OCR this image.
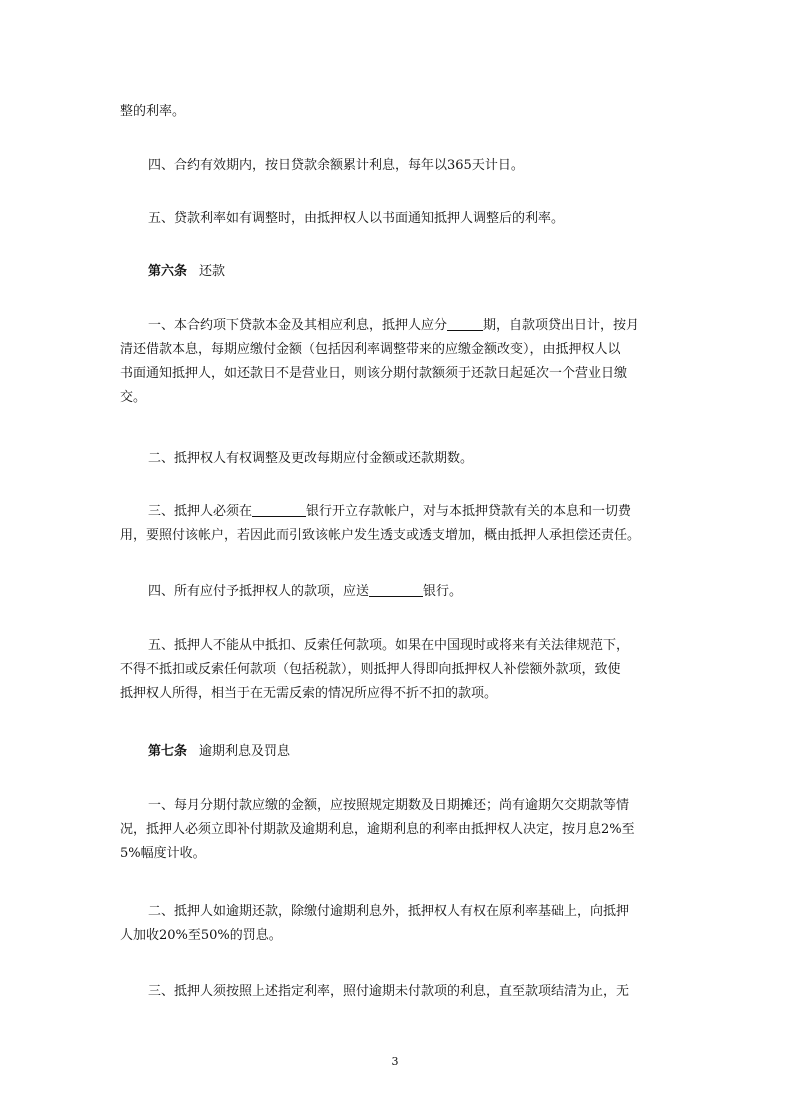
整的利率。

四、合约有效期内，按日贷款余额累计利息，每年以365天计日。

五、贷款利率如有调整时，由抵押权人以书面通知抵押人调整后的利率。

第六条 还款

一、本合约项下贷款本金及其相应利息，抵押人应分	期，自款项贷出日计，按月
清还借款本息，每期应缴付金额（包括因利率调整带来的应缴金额改变），由抵押权人以
书面通知抵押人，如还款日不是营业日，则该分期付款额须于还款日起延次一个营业日缴
交。

二、抵押权人有权调整及更改每期应付金额或还款期数。

三、抵押人必须在	银行开立存款帐户，对与本抵押贷款有关的本息和一切费
用，要照付该帐户，若因此而引致该帐户发生透支或透支增加，概由抵押人承担偿还责任。

四、所有应付予抵押权人的款项，应送	银行。

五、抵押人不能从中抵扣、反索任何款项。如果在中国现时或将来有关法律规范下，
不得不抵扣或反索任何款项（包括税款），则抵押人得即向抵押权人补偿额外款项，致使
抵押权人所得，相当于在无需反索的情况所应得不折不扣的款项。

第七条 逾期利息及罚息

一、每月分期付款应缴的金额，应按照规定期数及日期摊还；尚有逾期欠交期款等情
况，抵押人必须立即补付期款及逾期利息，逾期利息的利率由抵押权人决定，按月息2%至
5%幅度计收。

二、抵押人如逾期还款，除缴付逾期利息外，抵押权人有权在原利率基础上，向抵押
人加收20%至50%的罚息。

三、抵押人须按照上述指定利率，照付逾期未付款项的利息，直至款项结清为止，无

3
